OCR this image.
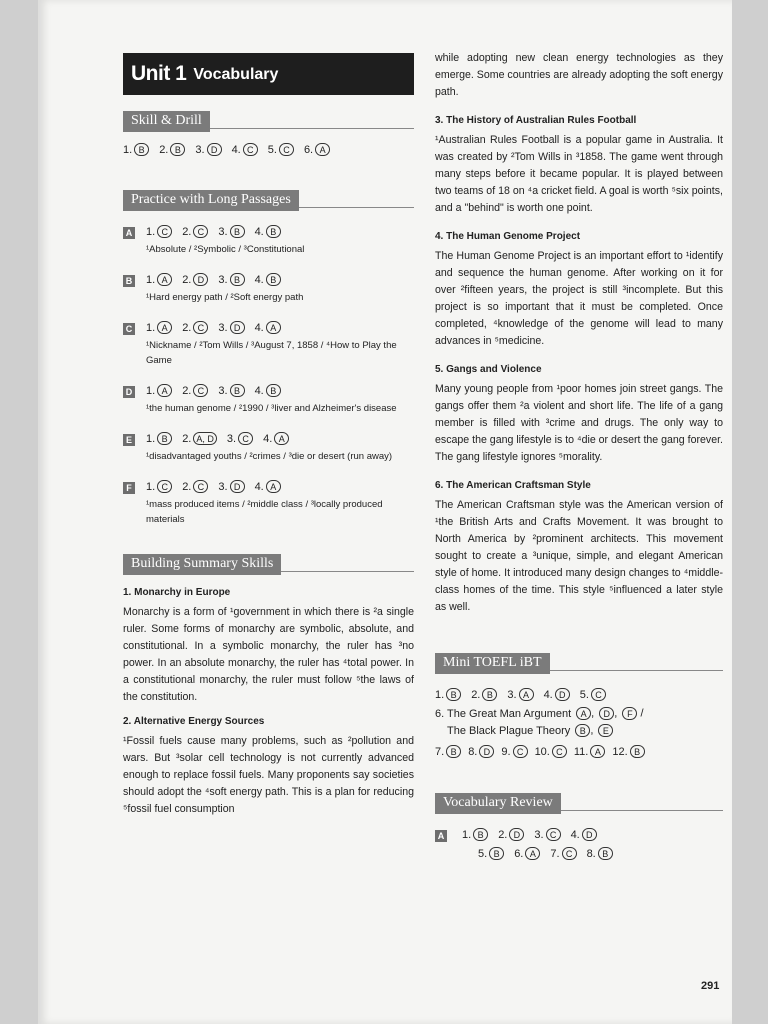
Unit 1 Vocabulary
Skill & Drill
1. B	2. B	3. D	4. C	5. C	6. A
Practice with Long Passages
A 1. C	2. C	3. B	4. B
¹Absolute / ²Symbolic / ³Constitutional
B 1. A	2. D	3. B	4. B
¹Hard energy path / ²Soft energy path
C 1. A	2. C	3. D	4. A
¹Nickname / ²Tom Wills / ³August 7, 1858 / ⁴How to Play the Game
D 1. A	2. C	3. B	4. B
¹the human genome / ²1990 / ³liver and Alzheimer's disease
E 1. B	2. A, D 3. C	4. A
¹disadvantaged youths / ²crimes / ³die or desert (run away)
F 1. C	2. C	3. D	4. A
¹mass produced items / ²middle class / ³locally produced materials
Building Summary Skills

1. Monarchy in Europe

Monarchy is a form of ¹government in which there is ²a single ruler. Some forms of monarchy are symbolic, absolute, and constitutional. In a symbolic monarchy, the ruler has ³no power. In an absolute monarchy, the ruler has ⁴total power. In a constitutional monarchy, the ruler must follow ⁵the laws of the constitution.

2. Alternative Energy Sources

¹Fossil fuels cause many problems, such as ²pollution and wars. But ³solar cell technology is not currently advanced enough to replace fossil fuels. Many proponents say societies should adopt the ⁴soft energy path. This is a plan for reducing ⁵fossil fuel consumption

while adopting new clean energy technologies as they emerge. Some countries are already adopting the soft energy path.

3. The History of Australian Rules Football

¹Australian Rules Football is a popular game in Australia. It was created by ²Tom Wills in ³1858. The game went through many steps before it became popular. It is played between two teams of 18 on ⁴a cricket field. A goal is worth ⁵six points, and a "behind" is worth one point.

4. The Human Genome Project

The Human Genome Project is an important effort to ¹identify and sequence the human genome. After working on it for over ²fifteen years, the project is still ³incomplete. But this project is so important that it must be completed. Once completed, ⁴knowledge of the genome will lead to many advances in ⁵medicine.

5. Gangs and Violence

Many young people from ¹poor homes join street gangs. The gangs offer them ²a violent and short life. The life of a gang member is filled with ³crime and drugs. The only way to escape the gang lifestyle is to ⁴die or desert the gang forever. The gang lifestyle ignores ⁵morality.

6. The American Craftsman Style

The American Craftsman style was the American version of ¹the British Arts and Crafts Movement. It was brought to North America by ²prominent architects. This movement sought to create a ³unique, simple, and elegant American style of home. It introduced many design changes to ⁴middle-class homes of the time. This style ⁵influenced a later style as well.

Mini TOEFL iBT
1. B	2. B	3. A	4. D	5. C
6. The Great Man Argument	A , D , F /
The Black Plague Theory	B , E
7. B	8. D	9. C	10. C	11. A	12. B
Vocabulary Review
A 1. B	2. D	3. C	4. D
5. B	6. A	7. C	8. B
291
